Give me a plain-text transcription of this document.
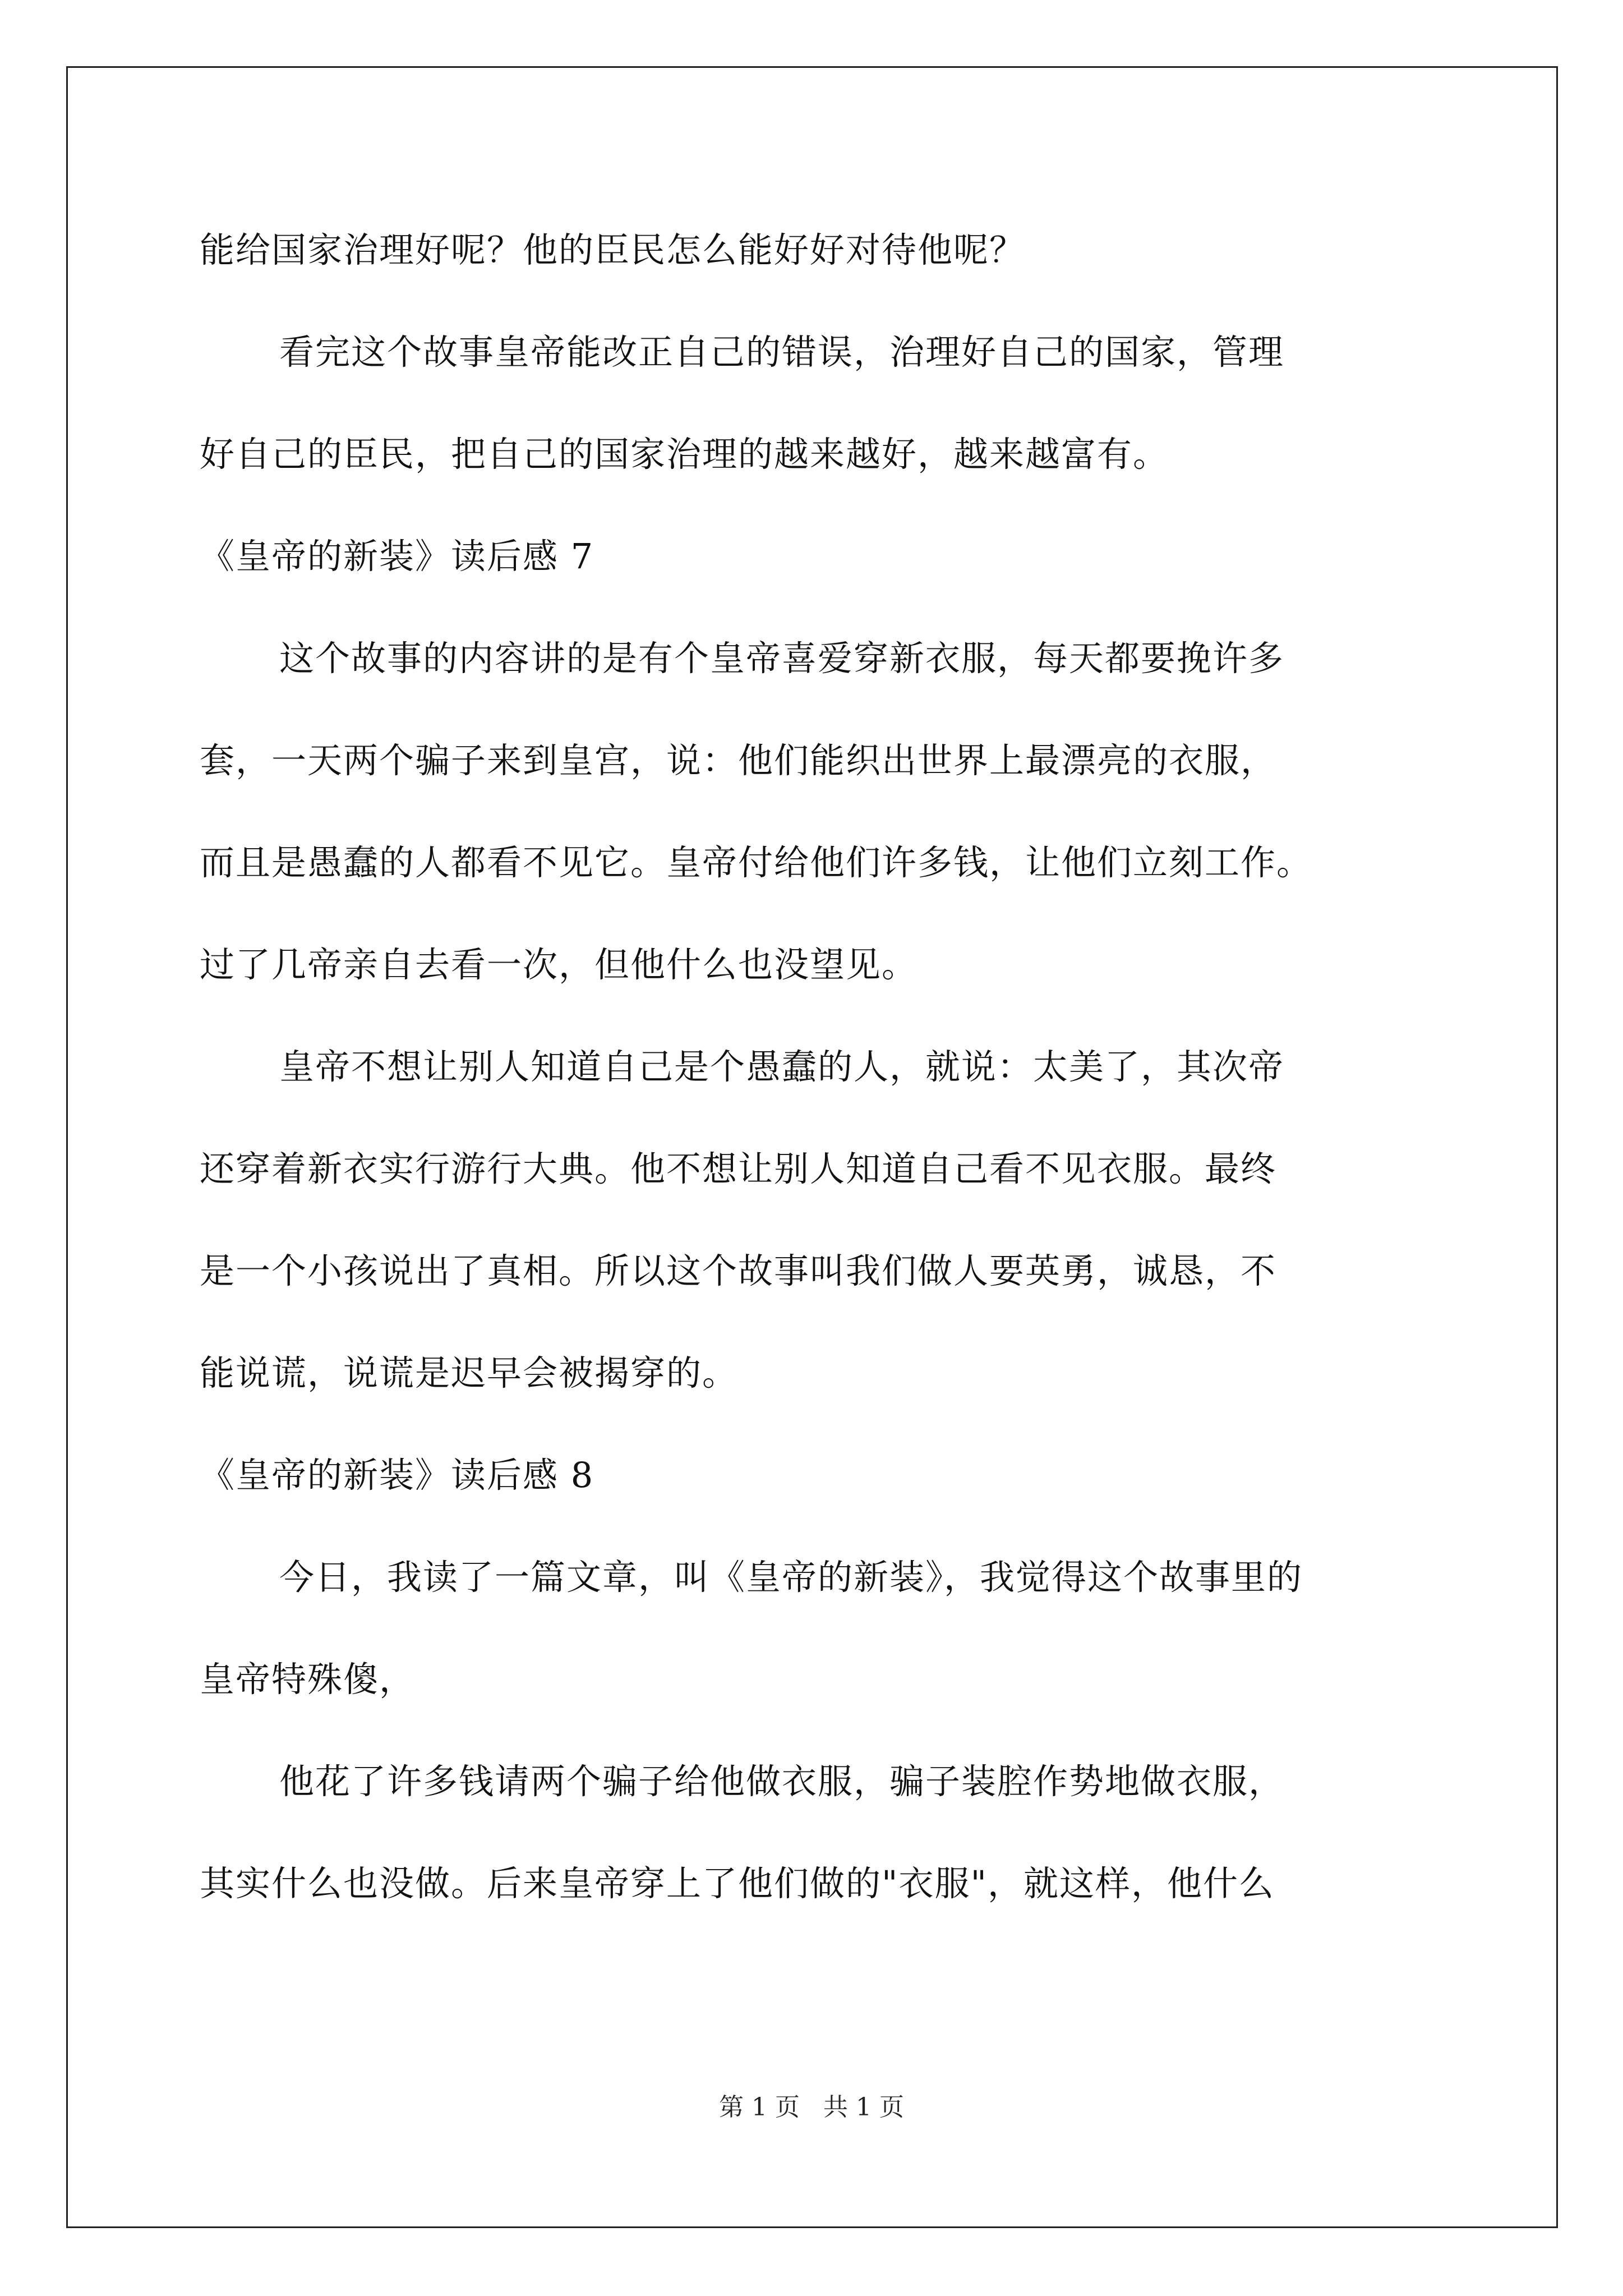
能给国家治理好呢？他的臣民怎么能好好对待他呢？
看完这个故事皇帝能改正自己的错误，治理好自己的国家，管理
好自己的臣民，把自己的国家治理的越来越好，越来越富有。
《皇帝的新装》读后感 7
这个故事的内容讲的是有个皇帝喜爱穿新衣服，每天都要挽许多
套，一天两个骗子来到皇宫，说：他们能织出世界上最漂亮的衣服，
而且是愚蠢的人都看不见它。皇帝付给他们许多钱，让他们立刻工作。
过了几帝亲自去看一次，但他什么也没望见。
皇帝不想让别人知道自己是个愚蠢的人，就说：太美了，其次帝
还穿着新衣实行游行大典。他不想让别人知道自己看不见衣服。最终
是一个小孩说出了真相。所以这个故事叫我们做人要英勇，诚恳，不
能说谎，说谎是迟早会被揭穿的。
《皇帝的新装》读后感 8
今日，我读了一篇文章，叫《皇帝的新装》，我觉得这个故事里的
皇帝特殊傻，
他花了许多钱请两个骗子给他做衣服，骗子装腔作势地做衣服，
其实什么也没做。后来皇帝穿上了他们做的"衣服"，就这样，他什么
第 1 页   共 1 页
